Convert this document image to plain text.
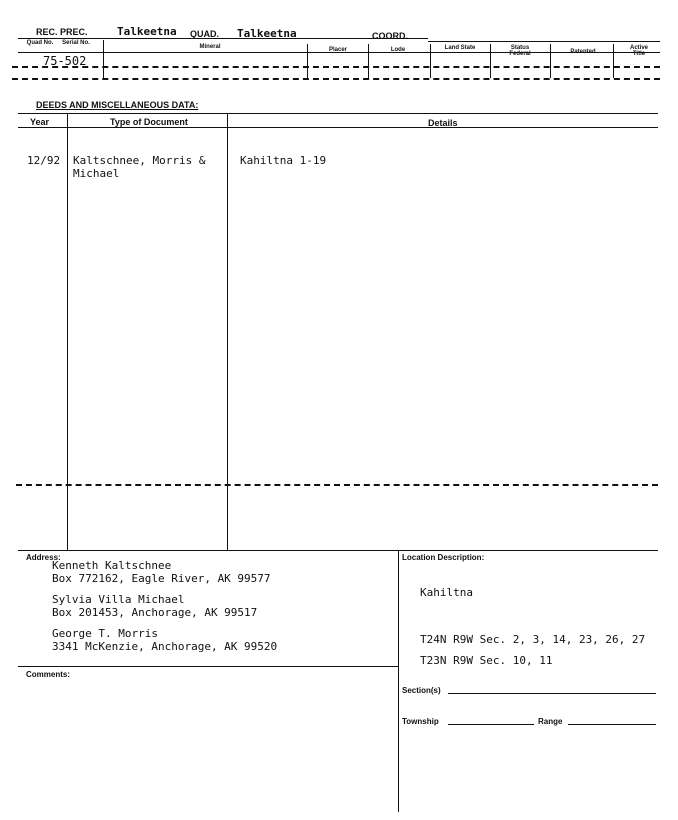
REC. PREC.	Talkeetna QUAD. Talkeetna	COORD.
Quad No. Serial No.
Mineral	Placer	Lode	Land State	Status Federal	Patented
Active Title
75-502
DEEDS AND MISCELLANEOUS DATA:
Year	Type of Document	Details
12/92 Kaltschnee, Morris &
Michael
Kahiltna 1-19
Address:
Kenneth Kaltschnee
Box 772162, Eagle River, AK 99577
Sylvia Villa Michael
Box 201453, Anchorage, AK 99517
George T. Morris
3341 McKenzie, Anchorage, AK 99520
Comments:
Location Description:
Kahiltna
T24N R9W Sec. 2, 3, 14, 23, 26, 27
T23N R9W Sec. 10, 11
Section(s)
Township	Range
